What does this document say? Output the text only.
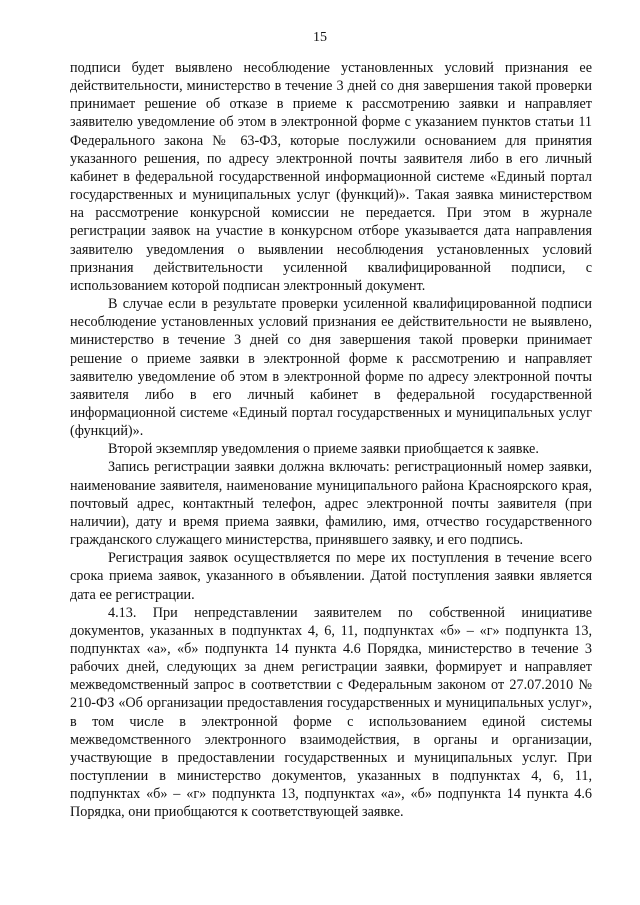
15

подписи будет выявлено несоблюдение установленных условий признания ее действительности, министерство в течение 3 дней со дня завершения такой проверки принимает решение об отказе в приеме к рассмотрению заявки и направляет заявителю уведомление об этом в электронной форме с указанием пунктов статьи 11 Федерального закона № 63-ФЗ, которые послужили основанием для принятия указанного решения, по адресу электронной почты заявителя либо в его личный кабинет в федеральной государственной информационной системе «Единый портал государственных и муниципальных услуг (функций)». Такая заявка министерством на рассмотрение конкурсной комиссии не передается. При этом в журнале регистрации заявок на участие в конкурсном отборе указывается дата направления заявителю уведомления о выявлении несоблюдения установленных условий признания действительности усиленной квалифицированной подписи, с использованием которой подписан электронный документ.

В случае если в результате проверки усиленной квалифицированной подписи несоблюдение установленных условий признания ее действительности не выявлено, министерство в течение 3 дней со дня завершения такой проверки принимает решение о приеме заявки в электронной форме к рассмотрению и направляет заявителю уведомление об этом в электронной форме по адресу электронной почты заявителя либо в его личный кабинет в федеральной государственной информационной системе «Единый портал государственных и муниципальных услуг (функций)».

Второй экземпляр уведомления о приеме заявки приобщается к заявке.

Запись регистрации заявки должна включать: регистрационный номер заявки, наименование заявителя, наименование муниципального района Красноярского края, почтовый адрес, контактный телефон, адрес электронной почты заявителя (при наличии), дату и время приема заявки, фамилию, имя, отчество государственного гражданского служащего министерства, принявшего заявку, и его подпись.

Регистрация заявок осуществляется по мере их поступления в течение всего срока приема заявок, указанного в объявлении. Датой поступления заявки является дата ее регистрации.

4.13. При непредставлении заявителем по собственной инициативе документов, указанных в подпунктах 4, 6, 11, подпунктах «б» – «г» подпункта 13, подпунктах «а», «б» подпункта 14 пункта 4.6 Порядка, министерство в течение 3 рабочих дней, следующих за днем регистрации заявки, формирует и направляет межведомственный запрос в соответствии с Федеральным законом от 27.07.2010 № 210-ФЗ «Об организации предоставления государственных и муниципальных услуг», в том числе в электронной форме с использованием единой системы межведомственного электронного взаимодействия, в органы и организации, участвующие в предоставлении государственных и муниципальных услуг. При поступлении в министерство документов, указанных в подпунктах 4, 6, 11, подпунктах «б» – «г» подпункта 13, подпунктах «а», «б» подпункта 14 пункта 4.6 Порядка, они приобщаются к соответствующей заявке.
